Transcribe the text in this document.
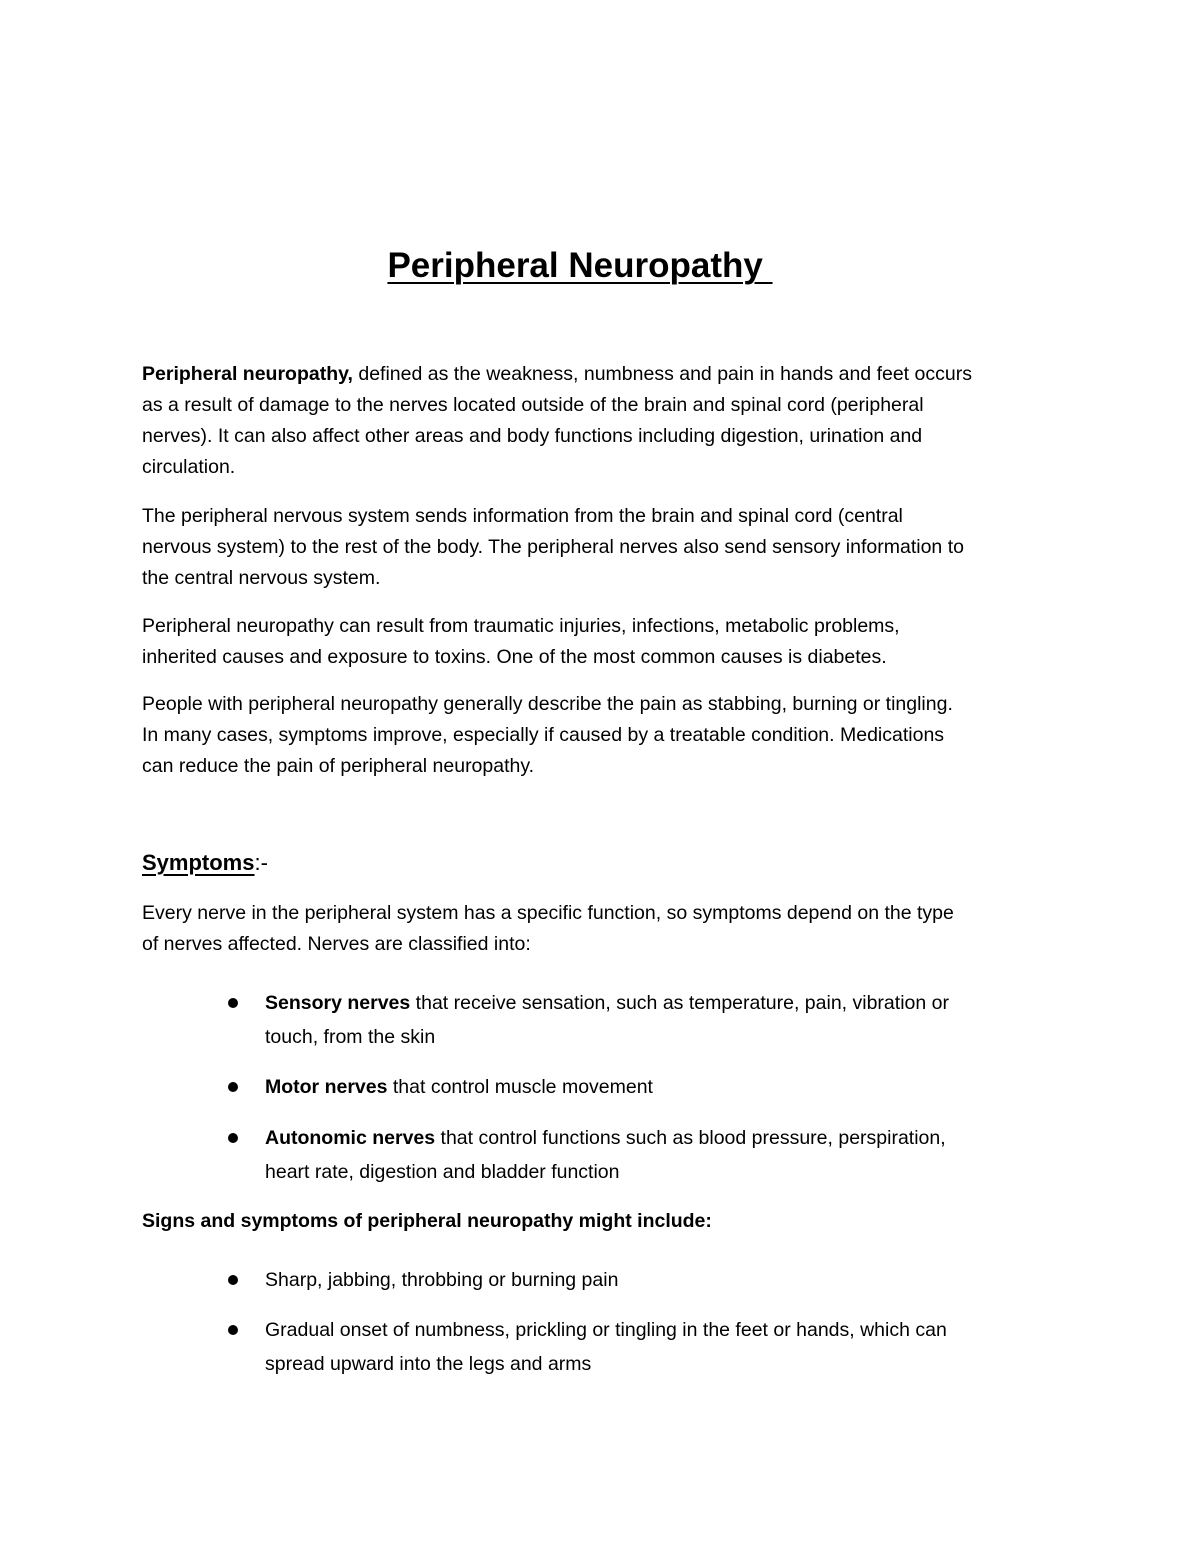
Peripheral Neuropathy
Peripheral neuropathy, defined as the weakness, numbness and pain in hands and feet occurs
as a result of damage to the nerves located outside of the brain and spinal cord (peripheral
nerves). It can also affect other areas and body functions including digestion, urination and
circulation.
The peripheral nervous system sends information from the brain and spinal cord (central
nervous system) to the rest of the body. The peripheral nerves also send sensory information to
the central nervous system.
Peripheral neuropathy can result from traumatic injuries, infections, metabolic problems,
inherited causes and exposure to toxins. One of the most common causes is diabetes.
People with peripheral neuropathy generally describe the pain as stabbing, burning or tingling.
In many cases, symptoms improve, especially if caused by a treatable condition. Medications
can reduce the pain of peripheral neuropathy.
Symptoms:-
Every nerve in the peripheral system has a specific function, so symptoms depend on the type
of nerves affected. Nerves are classified into:
Sensory nerves that receive sensation, such as temperature, pain, vibration or
touch, from the skin
Motor nerves that control muscle movement
Autonomic nerves that control functions such as blood pressure, perspiration,
heart rate, digestion and bladder function
Signs and symptoms of peripheral neuropathy might include:
Sharp, jabbing, throbbing or burning pain
Gradual onset of numbness, prickling or tingling in the feet or hands, which can
spread upward into the legs and arms
